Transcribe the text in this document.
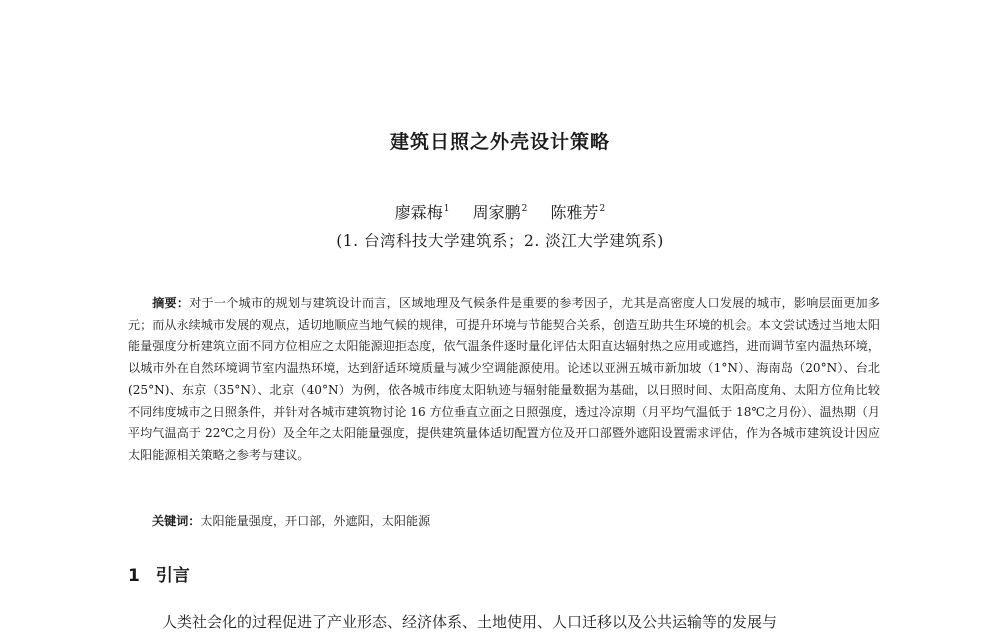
建筑日照之外壳设计策略
廖霖梅$^1$ 周家鹏$^2$ 陈雅芳$^2$
(1. 台湾科技大学建筑系；2. 淡江大学建筑系)
摘要：对于一个城市的规划与建筑设计而言，区域地理及气候条件是重要的参考因子，尤其是高密度人口发展的城市，影响层面更加多元；而从永续城市发展的观点，适切地顺应当地气候的规律，可提升环境与节能契合关系，创造互助共生环境的机会。本文尝试透过当地太阳能量强度分析建筑立面不同方位相应之太阳能源迎拒态度，依气温条件逐时量化评估太阳直达辐射热之应用或遮挡，进而调节室内温热环境，以城市外在自然环境调节室内温热环境，达到舒适环境质量与减少空调能源使用。论述以亚洲五城市新加坡（1°N）、海南岛（20°N）、台北(25°N)、东京（35°N）、北京（40°N）为例，依各城市纬度太阳轨迹与辐射能量数据为基础，以日照时间、太阳高度角、太阳方位角比较不同纬度城市之日照条件，并针对各城市建筑物讨论 16 方位垂直立面之日照强度，透过冷凉期（月平均气温低于 18℃之月份）、温热期（月平均气温高于 22℃之月份）及全年之太阳能量强度，提供建筑量体适切配置方位及开口部暨外遮阳设置需求评估，作为各城市建筑设计因应太阳能源相关策略之参考与建议。
关键词：太阳能量强度，开口部，外遮阳，太阳能源
1 引言
人类社会化的过程促进了产业形态、经济体系、土地使用、人口迁移以及公共运输等的发展与
